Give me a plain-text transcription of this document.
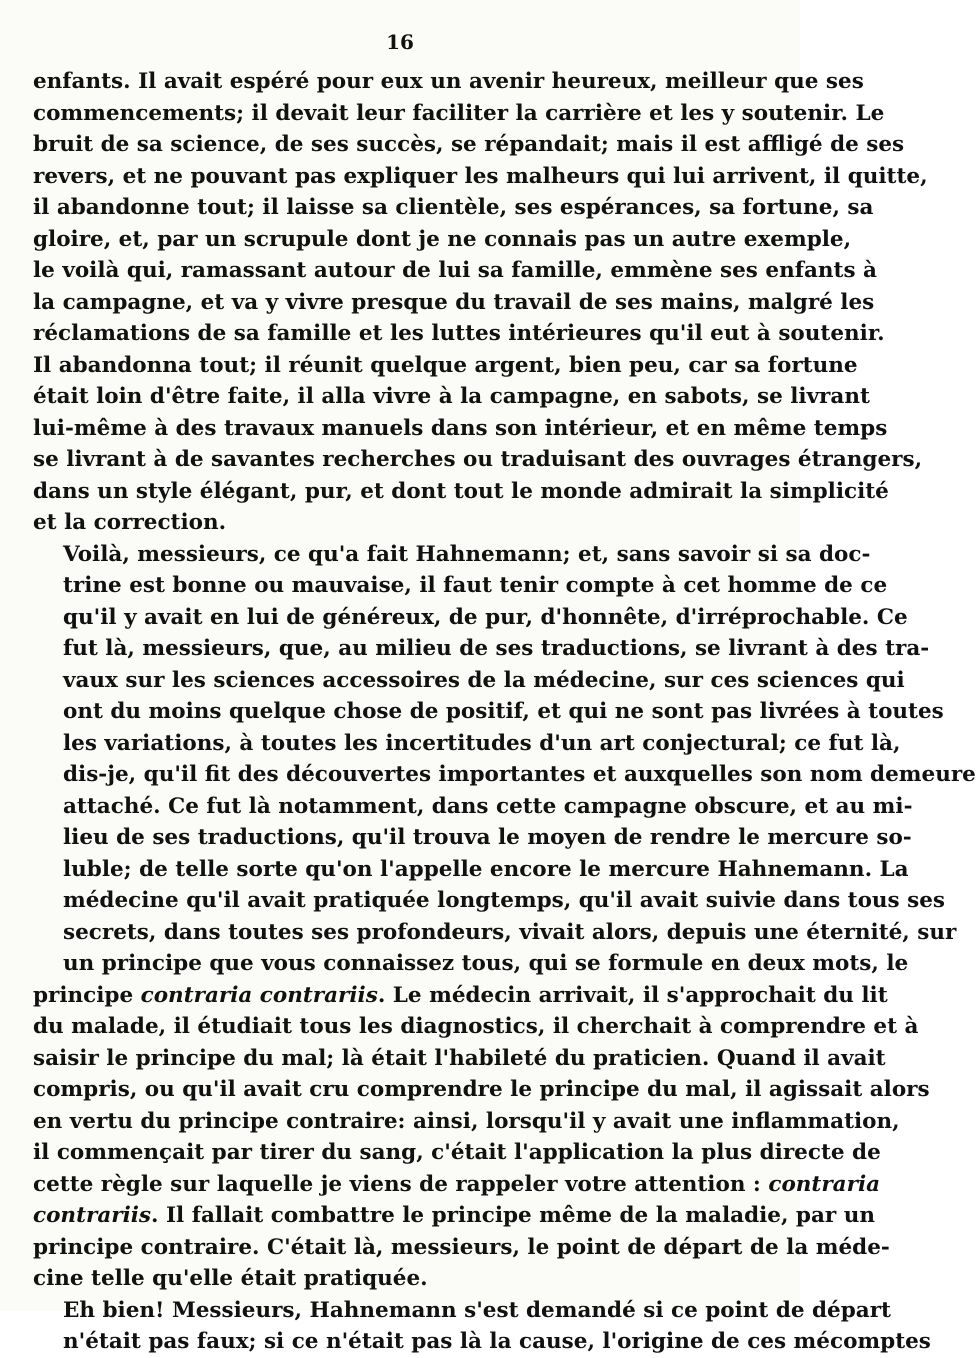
16
enfants. Il avait espéré pour eux un avenir heureux, meilleur que ses
commencements; il devait leur faciliter la carrière et les y soutenir. Le
bruit de sa science, de ses succès, se répandait; mais il est affligé de ses
revers, et ne pouvant pas expliquer les malheurs qui lui arrivent, il quitte,
il abandonne tout; il laisse sa clientèle, ses espérances, sa fortune, sa
gloire, et, par un scrupule dont je ne connais pas un autre exemple,
le voilà qui, ramassant autour de lui sa famille, emmène ses enfants à
la campagne, et va y vivre presque du travail de ses mains, malgré les
réclamations de sa famille et les luttes intérieures qu'il eut à soutenir.
Il abandonna tout; il réunit quelque argent, bien peu, car sa fortune
était loin d'être faite, il alla vivre à la campagne, en sabots, se livrant
lui-même à des travaux manuels dans son intérieur, et en même temps
se livrant à de savantes recherches ou traduisant des ouvrages étrangers,
dans un style élégant, pur, et dont tout le monde admirait la simplicité
et la correction.
Voilà, messieurs, ce qu'a fait Hahnemann; et, sans savoir si sa doc-
trine est bonne ou mauvaise, il faut tenir compte à cet homme de ce
qu'il y avait en lui de généreux, de pur, d'honnête, d'irréprochable. Ce
fut là, messieurs, que, au milieu de ses traductions, se livrant à des tra-
vaux sur les sciences accessoires de la médecine, sur ces sciences qui
ont du moins quelque chose de positif, et qui ne sont pas livrées à toutes
les variations, à toutes les incertitudes d'un art conjectural; ce fut là,
dis-je, qu'il fit des découvertes importantes et auxquelles son nom demeure
attaché. Ce fut là notamment, dans cette campagne obscure, et au mi-
lieu de ses traductions, qu'il trouva le moyen de rendre le mercure so-
luble; de telle sorte qu'on l'appelle encore le mercure Hahnemann. La
médecine qu'il avait pratiquée longtemps, qu'il avait suivie dans tous ses
secrets, dans toutes ses profondeurs, vivait alors, depuis une éternité, sur
un principe que vous connaissez tous, qui se formule en deux mots, le
principe contraria contrariis. Le médecin arrivait, il s'approchait du lit
du malade, il étudiait tous les diagnostics, il cherchait à comprendre et à
saisir le principe du mal; là était l'habileté du praticien. Quand il avait
compris, ou qu'il avait cru comprendre le principe du mal, il agissait alors
en vertu du principe contraire: ainsi, lorsqu'il y avait une inflammation,
il commençait par tirer du sang, c'était l'application la plus directe de
cette règle sur laquelle je viens de rappeler votre attention : contraria
contrariis. Il fallait combattre le principe même de la maladie, par un
principe contraire. C'était là, messieurs, le point de départ de la méde-
cine telle qu'elle était pratiquée.
Eh bien! Messieurs, Hahnemann s'est demandé si ce point de départ
n'était pas faux; si ce n'était pas là la cause, l'origine de ces mécomptes
